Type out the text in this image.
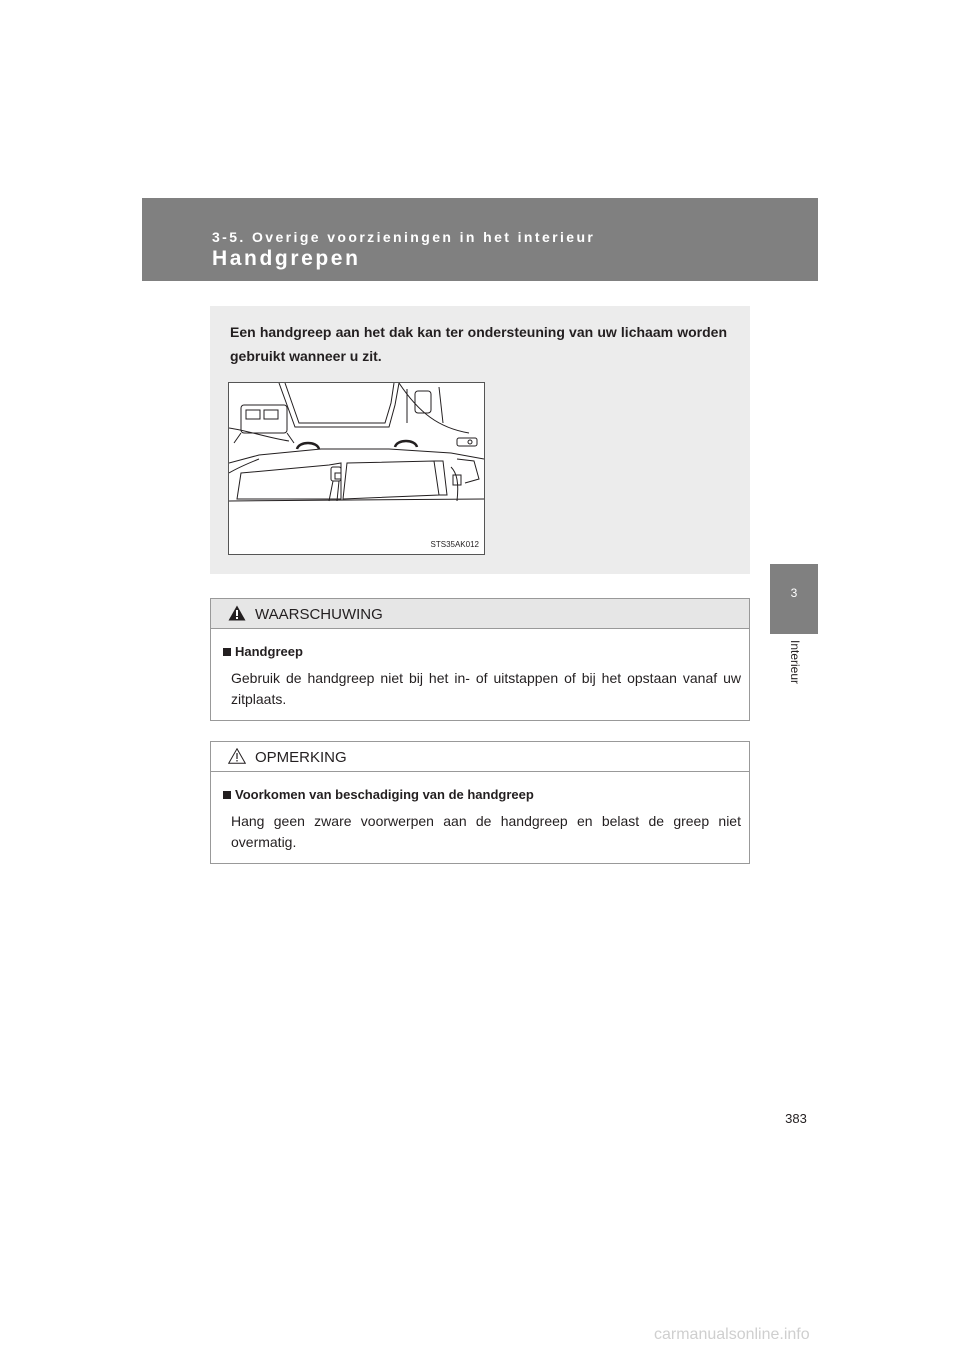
3-5. Overige voorzieningen in het interieur
Handgrepen
3
Interieur
Een handgreep aan het dak kan ter ondersteuning van uw lichaam worden gebruikt wanneer u zit.
STS35AK012
WAARSCHUWING
Handgreep
Gebruik de handgreep niet bij het in- of uitstappen of bij het opstaan vanaf uw zitplaats.
OPMERKING
Voorkomen van beschadiging van de handgreep
Hang geen zware voorwerpen aan de handgreep en belast de greep niet overmatig.
383
carmanualsonline.info
